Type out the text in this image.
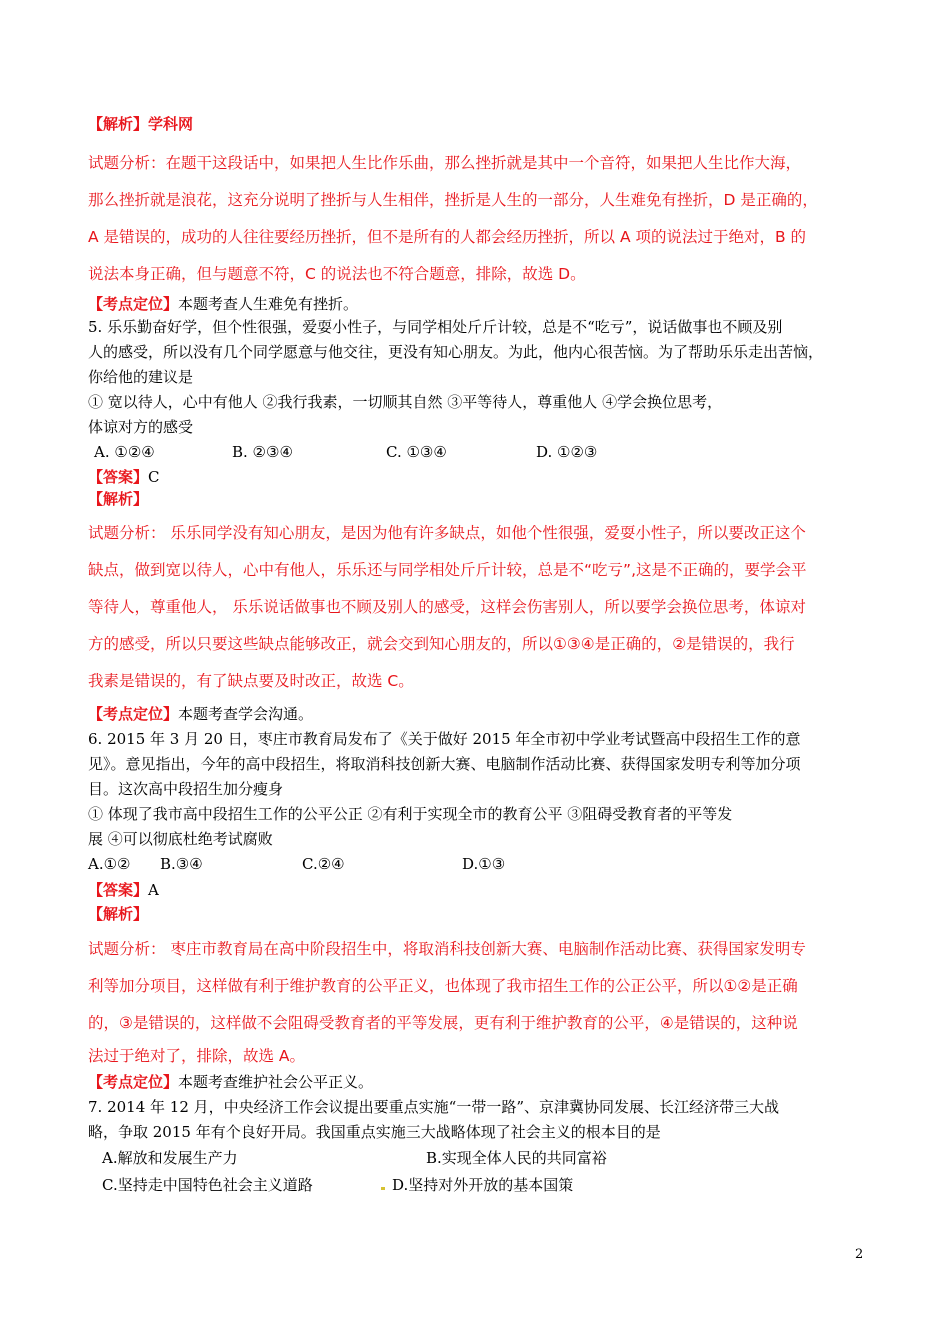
【解析】学科网
试题分析：在题干这段话中，如果把人生比作乐曲，那么挫折就是其中一个音符，如果把人生比作大海，
那么挫折就是浪花，这充分说明了挫折与人生相伴，挫折是人生的一部分，人生难免有挫折，D 是正确的，
A 是错误的，成功的人往往要经历挫折，但不是所有的人都会经历挫折，所以 A 项的说法过于绝对，B 的
说法本身正确，但与题意不符，C 的说法也不符合题意，排除，故选 D。
【考点定位】本题考查人生难免有挫折。
5. 乐乐勤奋好学，但个性很强，爱耍小性子，与同学相处斤斤计较，总是不“吃亏”，说话做事也不顾及别
人的感受，所以没有几个同学愿意与他交往，更没有知心朋友。为此，他内心很苦恼。为了帮助乐乐走出苦恼，
你给他的建议是
① 宽以待人，心中有他人 ②我行我素，一切顺其自然 ③平等待人，尊重他人 ④学会换位思考，
体谅对方的感受
A. ①②④	B. ②③④	C. ①③④	D. ①②③
【答案】C
【解析】
试题分析： 乐乐同学没有知心朋友，是因为他有许多缺点，如他个性很强，爱耍小性子，所以要改正这个
缺点，做到宽以待人，心中有他人，乐乐还与同学相处斤斤计较，总是不“吃亏”,这是不正确的，要学会平
等待人，尊重他人， 乐乐说话做事也不顾及别人的感受，这样会伤害别人，所以要学会换位思考，体谅对
方的感受，所以只要这些缺点能够改正，就会交到知心朋友的，所以①③④是正确的，②是错误的，我行
我素是错误的，有了缺点要及时改正，故选 C。
【考点定位】本题考查学会沟通。
6. 2015 年 3 月 20 日，枣庄市教育局发布了《关于做好 2015 年全市初中学业考试暨高中段招生工作的意
见》。意见指出，今年的高中段招生，将取消科技创新大赛、电脑制作活动比赛、获得国家发明专利等加分项
目。这次高中段招生加分瘦身
① 体现了我市高中段招生工作的公平公正 ②有利于实现全市的教育公平 ③阻碍受教育者的平等发
展 ④可以彻底杜绝考试腐败
A.①② B.③④	C.②④	D.①③
【答案】A
【解析】
试题分析： 枣庄市教育局在高中阶段招生中，将取消科技创新大赛、电脑制作活动比赛、获得国家发明专
利等加分项目，这样做有利于维护教育的公平正义，也体现了我市招生工作的公正公平，所以①②是正确
的，③是错误的，这样做不会阻碍受教育者的平等发展，更有利于维护教育的公平，④是错误的，这种说
法过于绝对了，排除，故选 A。
【考点定位】本题考查维护社会公平正义。
7. 2014 年 12 月，中央经济工作会议提出要重点实施“一带一路”、京津冀协同发展、长江经济带三大战
略，争取 2015 年有个良好开局。我国重点实施三大战略体现了社会主义的根本目的是
A.解放和发展生产力	B.实现全体人民的共同富裕
C.坚持走中国特色社会主义道路	D.坚持对外开放的基本国策
2
